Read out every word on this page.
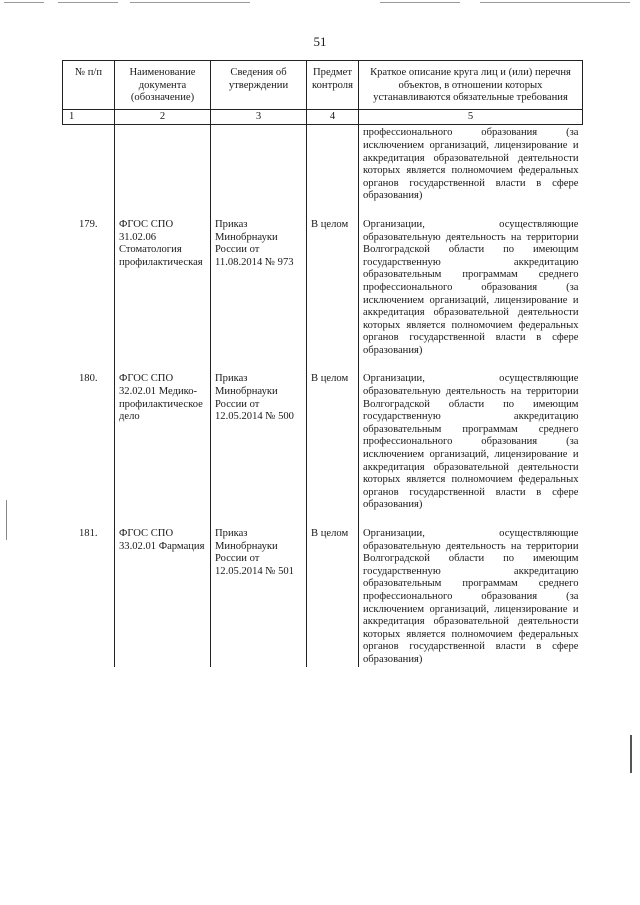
51
№ п/п	Наименование документа (обозначение)	Сведения об утверждении	Предмет контроля	Краткое описание круга лиц и (или) перечня объектов, в отношении которых устанавливаются обязательные требования
1	2	3	4	5
				профессионального образования (за исключением организаций, лицензирование и аккредитация образовательной деятельности которых является полномочием федеральных органов государственной власти в сфере образования)
179.	ФГОС СПО 31.02.06 Стоматология профилактическая	Приказ Минобрнауки России от 11.08.2014 № 973	В целом	Организации, осуществляющие образовательную деятельность на территории Волгоградской области по имеющим государственную аккредитацию образовательным программам среднего профессионального образования (за исключением организаций, лицензирование и аккредитация образовательной деятельности которых является полномочием федеральных органов государственной власти в сфере образования)
180.	ФГОС СПО 32.02.01 Медико-профилактическое дело	Приказ Минобрнауки России от 12.05.2014 № 500	В целом	Организации, осуществляющие образовательную деятельность на территории Волгоградской области по имеющим государственную аккредитацию образовательным программам среднего профессионального образования (за исключением организаций, лицензирование и аккредитация образовательной деятельности которых является полномочием федеральных органов государственной власти в сфере образования)
181.	ФГОС СПО 33.02.01 Фармация	Приказ Минобрнауки России от 12.05.2014 № 501	В целом	Организации, осуществляющие образовательную деятельность на территории Волгоградской области по имеющим государственную аккредитацию образовательным программам среднего профессионального образования (за исключением организаций, лицензирование и аккредитация образовательной деятельности которых является полномочием федеральных органов государственной власти в сфере образования)
